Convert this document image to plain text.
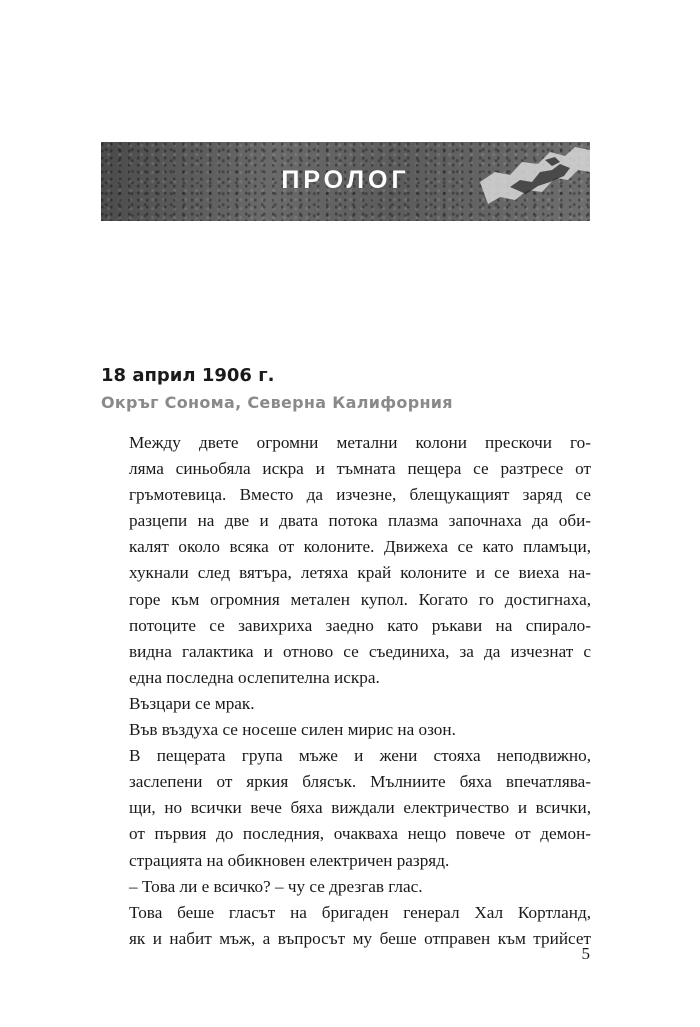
ПРОЛОГ
18 април 1906 г.
Окръг Сонома, Северна Калифорния

Между двете огромни метални колони прескочи го-
ляма синьобяла искра и тъмната пещера се разтресе от
гръмотевица. Вместо да изчезне, блещукащият заряд се
разцепи на две и двата потока плазма започнаха да оби-
калят около всяка от колоните. Движеха се като пламъци,
хукнали след вятъра, летяха край колоните и се виеха на-
горе към огромния метален купол. Когато го достигнаха,
потоците се завихриха заедно като ръкави на спирало-
видна галактика и отново се съединиха, за да изчезнат с
една последна ослепителна искра.

Възцари се мрак.

Във въздуха се носеше силен мирис на озон.

В пещерата група мъже и жени стояха неподвижно,
заслепени от яркия блясък. Мълниите бяха впечатлява-
щи, но всички вече бяха виждали електричество и всички,
от първия до последния, очакваха нещо повече от демон-
страцията на обикновен електричен разряд.

– Това ли е всичко? – чу се дрезгав глас.

Това беше гласът на бригаден генерал Хал Кортланд,
як и набит мъж, а въпросът му беше отправен към трийсет

5
